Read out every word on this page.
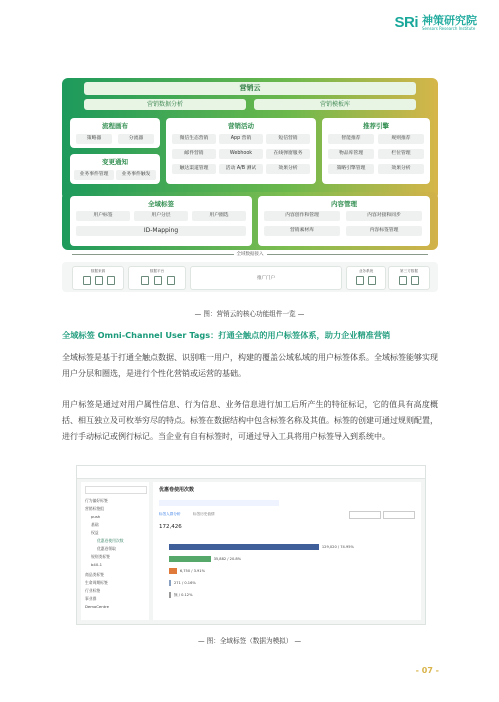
SRi 神策研究院
Sensors Research Institute
营销云
营销数据分析	营销模板库
流程画布
策略器	分流器
变更通知
业务事件管理	业务事件触发
营销活动
微信生态营销	App 营销	短信营销
邮件营销	Webhook	在线弹窗服务
触达渠道管理	活动 A/B 测试	效果分析
推荐引擎
智能推荐	规则推荐
物品库管理	栏位管理
策略引擎管理	效果分析
全域标签
用户标签	用户分层	用户圈选
ID-Mapping
内容管理
内容创作和管理	内容对接和同步
营销素材库	内容标签管理
全域数据接入
数据来源	数据平台
推广门户
业务系统	第三方数据
— 图：营销云的核心功能组件一览 —
全域标签 Omni-Channel User Tags：打通全触点的用户标签体系，助力企业精准营销
全域标签是基于打通全触点数据、识别唯一用户，构建的覆盖公域私域的用户标签体系。全域标签能够实现用户分层和圈选，是进行个性化营销或运营的基础。
用户标签是通过对用户属性信息、行为信息、业务信息进行加工后所产生的特征标记，它的值具有高度概括、相互独立及可枚举穷尽的特点。标签在数据结构中包含标签名称及其值。标签的创建可通过规则配置，进行手动标记或例行标记。当企业有自有标签时，可通过导入工具将用户标签导入到系统中。
行为偏好标签
营销标签组
push
基础
权益
优惠卷使用次数
优惠卷领取
规则类标签
b40-1
商品类标签
生命周期标签
行业标签
事业群
DemoCentre
优惠卷使用次数
标签人群分析	标签历史值情
172,426
129,020 / 74.95%
35,882 / 20.8%
6,750 / 3.91%
271 / 0.16%
無 / 0.12%
— 图：全域标签（数据为模拟） —
- 07 -
